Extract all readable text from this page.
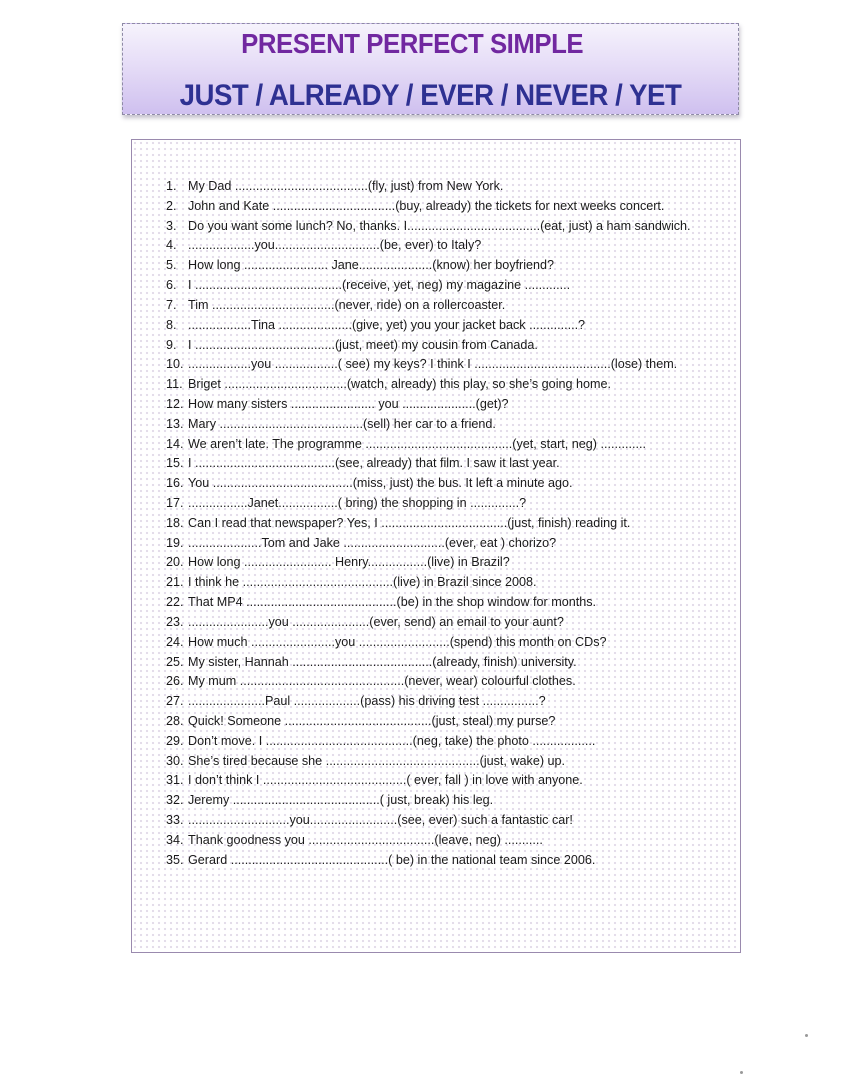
PRESENT PERFECT SIMPLE
JUST / ALREADY / EVER / NEVER / YET
1. My Dad ......................................(fly, just) from New York.
2. John and Kate ...................................(buy, already) the tickets for next weeks concert.
3. Do you want some lunch? No, thanks. I......................................(eat, just) a ham sandwich.
4. ...................you..............................(be, ever) to Italy?
5. How long ........................ Jane.....................(know) her boyfriend?
6. I ..........................................(receive, yet, neg) my magazine .............
7. Tim ...................................(never, ride) on a rollercoaster.
8. ..................Tina .....................(give, yet) you your jacket back ..............?
9. I ........................................(just, meet) my cousin from Canada.
10. ..................you ..................( see) my keys? I think I .......................................(lose) them.
11. Briget ...................................(watch, already) this play, so she’s going home.
12. How many sisters ........................ you .....................(get)?
13. Mary .........................................(sell) her car to a friend.
14. We aren’t late. The programme ..........................................(yet, start, neg) .............
15. I ........................................(see, already) that film. I saw it last year.
16. You ........................................(miss, just) the bus. It left a minute ago.
17. .................Janet.................( bring) the shopping in ..............?
18. Can I read that newspaper? Yes, I ....................................(just, finish) reading it.
19. .....................Tom and Jake .............................(ever, eat ) chorizo?
20. How long ......................... Henry.................(live) in Brazil?
21. I think he ...........................................(live) in Brazil since 2008.
22. That MP4 ...........................................(be) in the shop window for months.
23. .......................you ......................(ever, send) an email to your aunt?
24. How much ........................you ..........................(spend) this month on CDs?
25. My sister, Hannah ........................................(already, finish) university.
26. My mum ...............................................(never, wear) colourful clothes.
27. ......................Paul ...................(pass) his driving test ................?
28. Quick! Someone ..........................................(just, steal) my purse?
29. Don’t move. I ..........................................(neg, take) the photo ..................
30. She’s tired because she ............................................(just, wake) up.
31. I don’t think I .........................................( ever, fall ) in love with anyone.
32. Jeremy ..........................................( just, break) his leg.
33. .............................you.........................(see, ever) such a fantastic car!
34. Thank goodness you ....................................(leave, neg) ...........
35. Gerard .............................................( be) in the national team since 2006.
